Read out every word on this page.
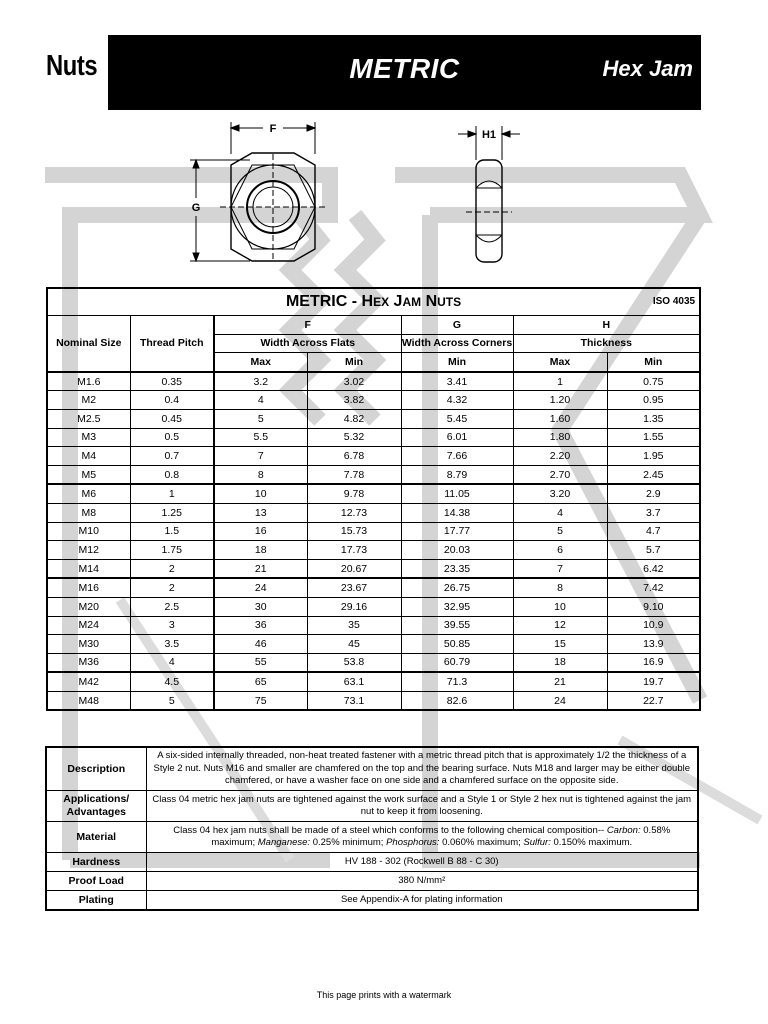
Nuts	METRIC	Hex Jam
F
G
H1
METRIC - HEX JAM NUTS ISO 4035						

Nominal Size	Thread Pitch	F		G	H	
		Width Across Flats		Width Across Corners	Thickness	
		Max	Min	Min	Max	Min
M1.6	0.35	3.2	3.02	3.41	1	0.75
M2	0.4	4	3.82	4.32	1.20	0.95
M2.5	0.45	5	4.82	5.45	1.60	1.35
M3	0.5	5.5	5.32	6.01	1.80	1.55
M4	0.7	7	6.78	7.66	2.20	1.95
M5	0.8	8	7.78	8.79	2.70	2.45
M6	1	10	9.78	11.05	3.20	2.9
M8	1.25	13	12.73	14.38	4	3.7
M10	1.5	16	15.73	17.77	5	4.7
M12	1.75	18	17.73	20.03	6	5.7
M14	2	21	20.67	23.35	7	6.42
M16	2	24	23.67	26.75	8	7.42
M20	2.5	30	29.16	32.95	10	9.10
M24	3	36	35	39.55	12	10.9
M30	3.5	46	45	50.85	15	13.9
M36	4	55	53.8	60.79	18	16.9
M42	4.5	65	63.1	71.3	21	19.7
M48	5	75	73.1	82.6	24	22.7
Description	A six-sided internally threaded, non-heat treated fastener with a metric thread pitch that is approximately 1/2 the thickness of a Style 2 nut. Nuts M16 and smaller are chamfered on the top and the bearing surface. Nuts M18 and larger may be either double chamfered, or have a washer face on one side and a chamfered surface on the opposite side.
Applications/
Advantages	Class 04 metric hex jam nuts are tightened against the work surface and a Style 1 or Style 2 hex nut is tightened against the jam nut to keep it from loosening.
Material	Class 04 hex jam nuts shall be made of a steel which conforms to the following chemical composition-- Carbon: 0.58% maximum; Manganese: 0.25% minimum; Phosphorus: 0.060% maximum; Sulfur: 0.150% maximum.
Hardness	HV 188 - 302 (Rockwell B 88 - C 30)
Proof Load	380 N/mm²
Plating	See Appendix-A for plating information
This page prints with a watermark
